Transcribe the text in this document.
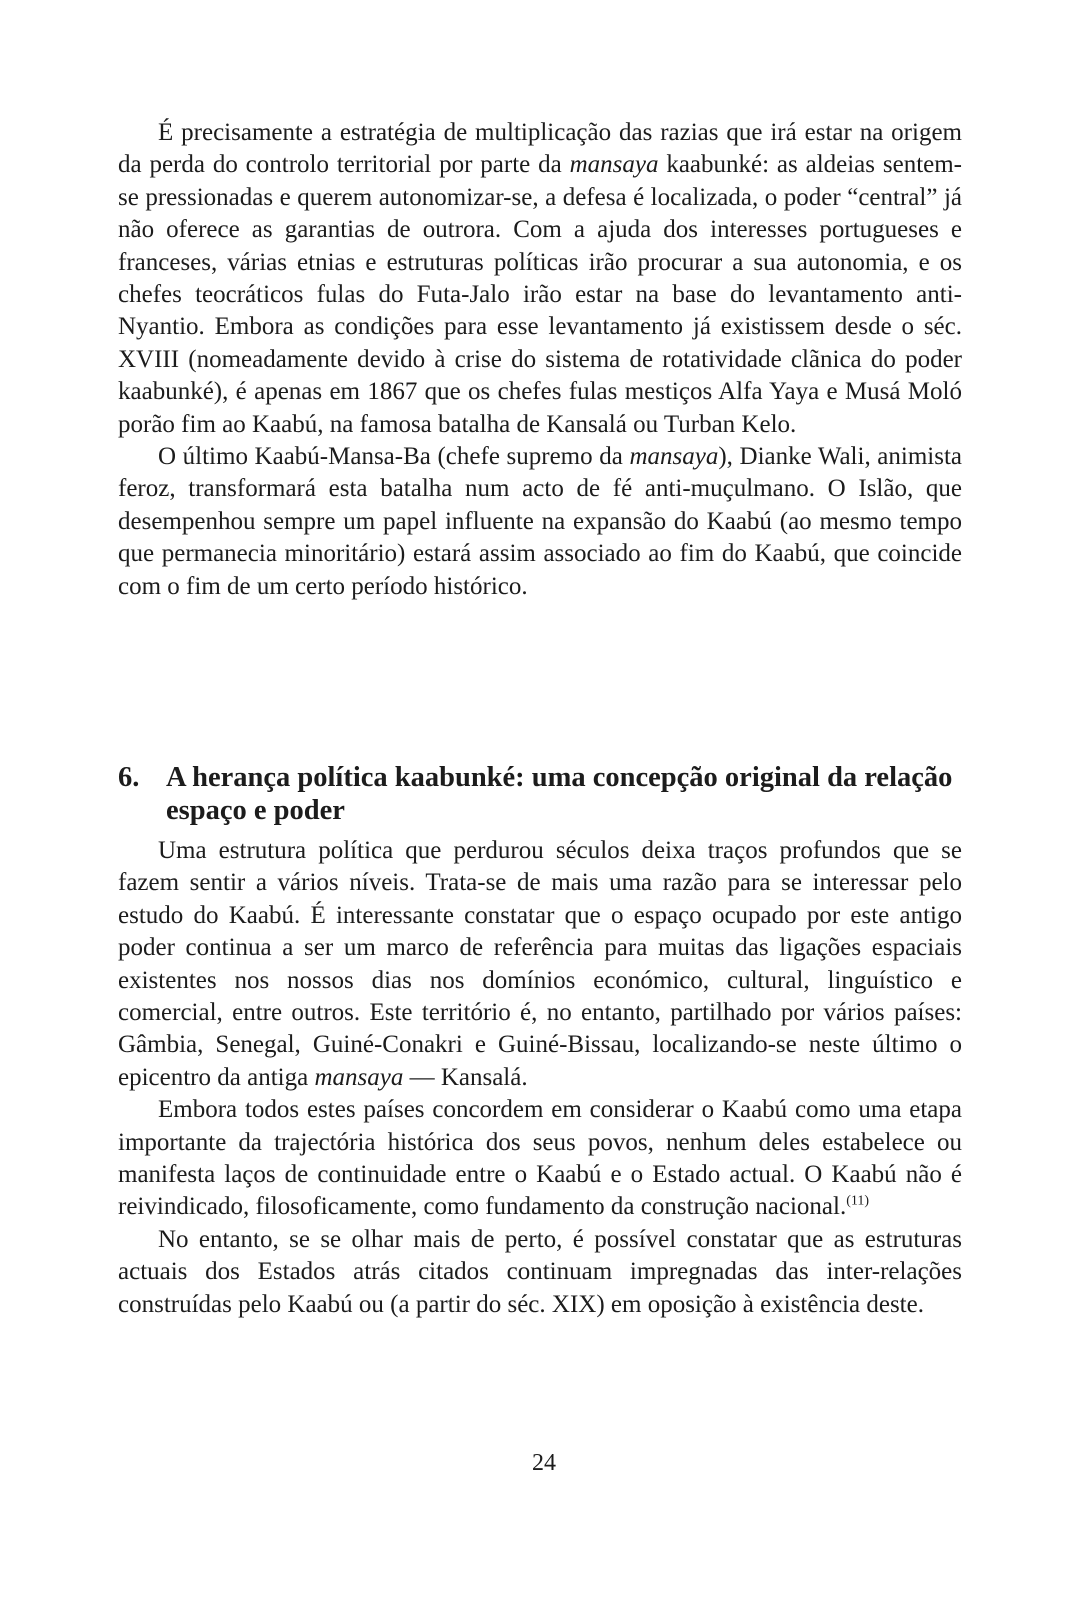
É precisamente a estratégia de multiplicação das razias que irá estar na origem da perda do controlo territorial por parte da mansaya kaabunké: as aldeias sentem-se pressionadas e querem autonomizar-se, a defesa é localizada, o poder “central” já não oferece as garantias de outrora. Com a ajuda dos interesses portugueses e franceses, várias etnias e estruturas políticas irão procurar a sua autonomia, e os chefes teocráticos fulas do Futa-Jalo irão estar na base do levantamento anti-Nyantio. Embora as condições para esse levantamento já existissem desde o séc. XVIII (nomeadamente devido à crise do sistema de rotatividade clãnica do poder kaabunké), é apenas em 1867 que os chefes fulas mestiços Alfa Yaya e Musá Moló porão fim ao Kaabú, na famosa batalha de Kansalá ou Turban Kelo.

O último Kaabú-Mansa-Ba (chefe supremo da mansaya), Dianke Wali, animista feroz, transformará esta batalha num acto de fé anti-muçulmano. O Islão, que desempenhou sempre um papel influente na expansão do Kaabú (ao mesmo tempo que permanecia minoritário) estará assim associado ao fim do Kaabú, que coincide com o fim de um certo período histórico.

6. A herança política kaabunké: uma concepção original da relação espaço e poder

Uma estrutura política que perdurou séculos deixa traços profundos que se fazem sentir a vários níveis. Trata-se de mais uma razão para se interessar pelo estudo do Kaabú. É interessante constatar que o espaço ocupado por este antigo poder continua a ser um marco de referência para muitas das ligações espaciais existentes nos nossos dias nos domínios económico, cultural, linguístico e comercial, entre outros. Este território é, no entanto, partilhado por vários países: Gâmbia, Senegal, Guiné-Conakri e Guiné-Bissau, localizando-se neste último o epicentro da antiga mansaya — Kansalá.

Embora todos estes países concordem em considerar o Kaabú como uma etapa importante da trajectória histórica dos seus povos, nenhum deles estabelece ou manifesta laços de continuidade entre o Kaabú e o Estado actual. O Kaabú não é reivindicado, filosoficamente, como fundamento da construção nacional.$^{(11)}$

No entanto, se se olhar mais de perto, é possível constatar que as estruturas actuais dos Estados atrás citados continuam impregnadas das inter-relações construídas pelo Kaabú ou (a partir do séc. XIX) em oposição à existência deste.

24
